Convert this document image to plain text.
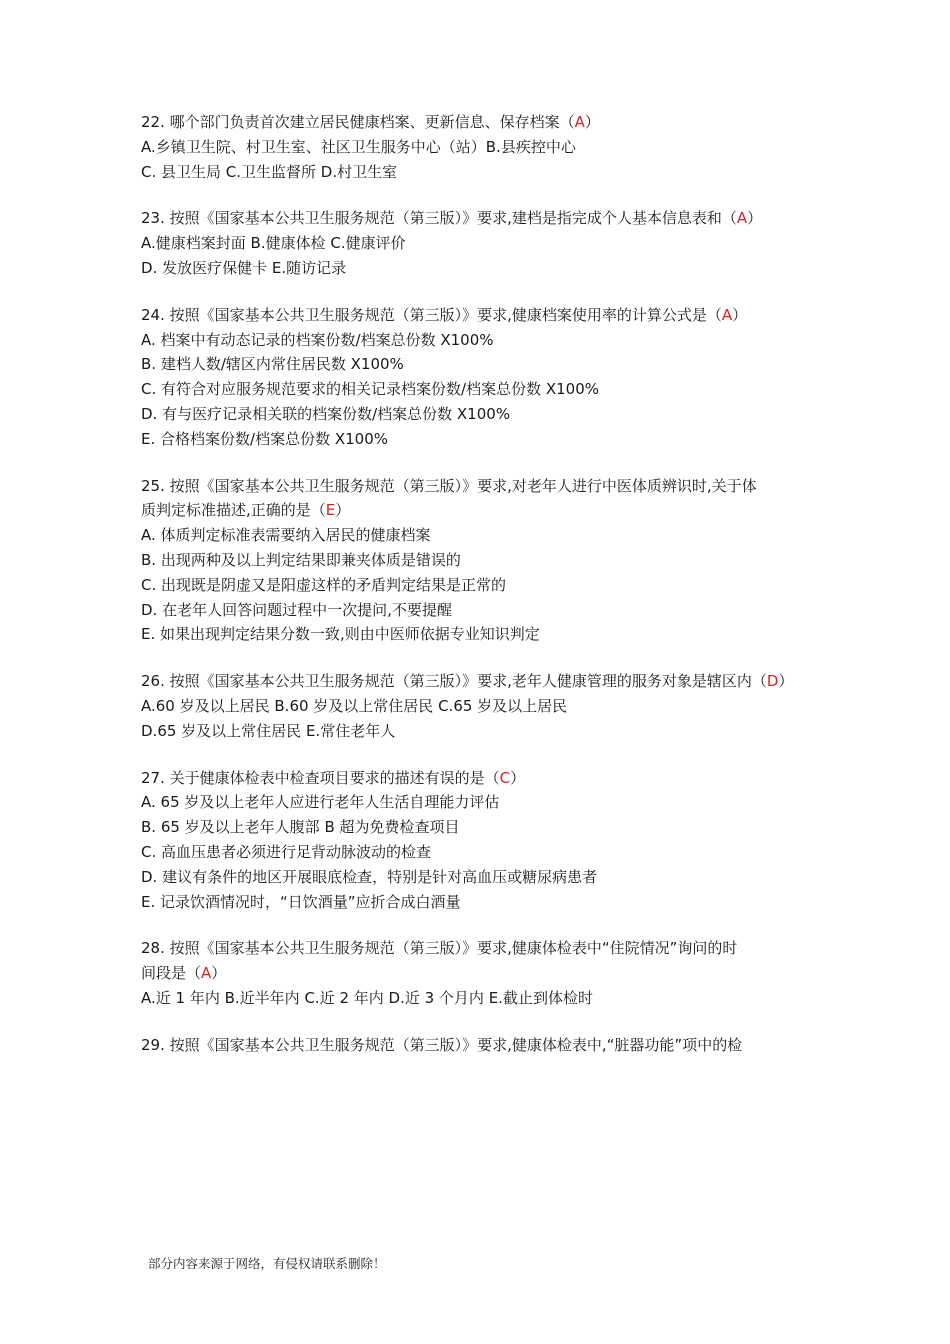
22. 哪个部门负责首次建立居民健康档案、更新信息、保存档案（A）
A.乡镇卫生院、村卫生室、社区卫生服务中心（站）B.县疾控中心
C. 县卫生局 C.卫生监督所 D.村卫生室
23. 按照《国家基本公共卫生服务规范（第三版）》要求,建档是指完成个人基本信息表和（A）
A.健康档案封面 B.健康体检 C.健康评价
D. 发放医疗保健卡 E.随访记录
24. 按照《国家基本公共卫生服务规范（第三版）》要求,健康档案使用率的计算公式是（A）
A. 档案中有动态记录的档案份数/档案总份数 X100%
B. 建档人数/辖区内常住居民数 X100%
C. 有符合对应服务规范要求的相关记录档案份数/档案总份数 X100%
D. 有与医疗记录相关联的档案份数/档案总份数 X100%
E. 合格档案份数/档案总份数 X100%
25. 按照《国家基本公共卫生服务规范（第三版）》要求,对老年人进行中医体质辨识时,关于体
质判定标准描述,正确的是（E）
A. 体质判定标准表需要纳入居民的健康档案
B. 出现两种及以上判定结果即兼夹体质是错误的
C. 出现既是阴虚又是阳虚这样的矛盾判定结果是正常的
D. 在老年人回答问题过程中一次提问,不要提醒
E. 如果出现判定结果分数一致,则由中医师依据专业知识判定
26. 按照《国家基本公共卫生服务规范（第三版）》要求,老年人健康管理的服务对象是辖区内（D）
A.60 岁及以上居民 B.60 岁及以上常住居民 C.65 岁及以上居民
D.65 岁及以上常住居民 E.常住老年人
27. 关于健康体检表中检查项目要求的描述有误的是（C）
A. 65 岁及以上老年人应进行老年人生活自理能力评估
B. 65 岁及以上老年人腹部 B 超为免费检查项目
C. 高血压患者必须进行足背动脉波动的检查
D. 建议有条件的地区开展眼底检查，特别是针对高血压或糖尿病患者
E. 记录饮酒情况时，“日饮酒量”应折合成白酒量
28. 按照《国家基本公共卫生服务规范（第三版）》要求,健康体检表中“住院情况”询问的时
间段是（A）
A.近 1 年内 B.近半年内 C.近 2 年内 D.近 3 个月内 E.截止到体检时
29. 按照《国家基本公共卫生服务规范（第三版）》要求,健康体检表中,“脏器功能”项中的检
部分内容来源于网络，有侵权请联系删除！
